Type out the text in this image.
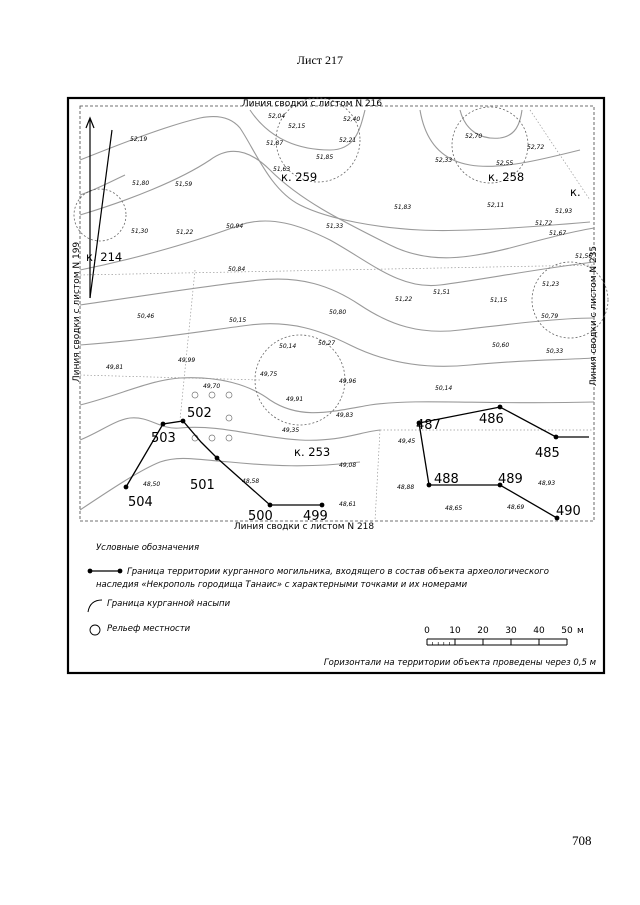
Лист 217
Линия сводки с листом N 216
Линия сводки с листом N 218
Линия сводки с листом N 199	Линия сводки с листом N 235
к. 259	к. 258
к. 214
к. 253
к.
485
486
487
488	489
490
499
500
501
502
503
504
52,04
52,15
52,40
51,87	52,21
52,70
52,72
52,19
51,63
51,85	52,33	52,55
51,80	51,59
51,83	52,11
51,93
51,30	51,22
50,94	51,33	51,72
51,67
51,56
50,84
51,22
51,51
51,15
51,23
50,46
50,15
50,80
50,79
50,14	50,27	50,60
50,33
49,99
49,81
49,96
49,75
50,14
49,70
49,91
49,83
49,45
49,35
49,08
48,50	48,58
48,88
48,93
48,61
48,65	48,69
Условные обозначения
Граница территории курганного могильника, входящего в состав объекта археологического наследия «Некрополь городища Танаис» с характерными точками и их номерами
Граница курганной насыпи
Рельеф местности	0 10 20 30 40 50 м
Горизонтали на территории объекта проведены через 0,5 м
708
